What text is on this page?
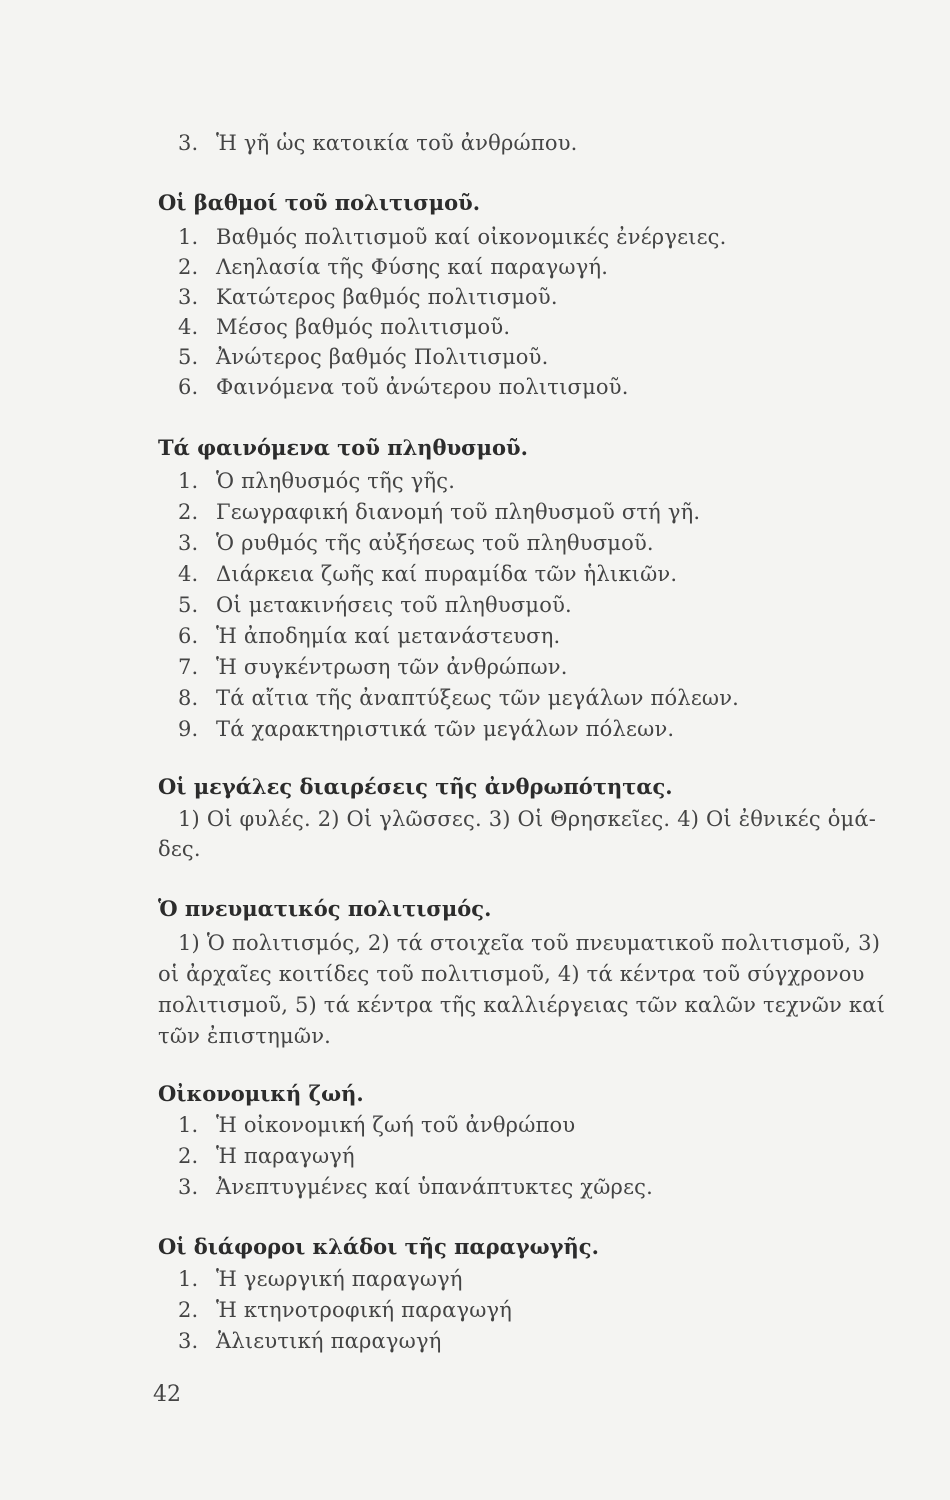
3. Ἡ γῆ ὡς κατοικία τοῦ ἀνθρώπου.
Οἱ βαθμοί τοῦ πολιτισμοῦ.
1. Βαθμός πολιτισμοῦ καί οἰκονομικές ἐνέργειες.
2. Λεηλασία τῆς Φύσης καί παραγωγή.
3. Κατώτερος βαθμός πολιτισμοῦ.
4. Μέσος βαθμός πολιτισμοῦ.
5. Ἀνώτερος βαθμός Πολιτισμοῦ.
6. Φαινόμενα τοῦ ἀνώτερου πολιτισμοῦ.
Τά φαινόμενα τοῦ πληθυσμοῦ.
1. Ὁ πληθυσμός τῆς γῆς.
2. Γεωγραφική διανομή τοῦ πληθυσμοῦ στή γῆ.
3. Ὁ ρυθμός τῆς αὐξήσεως τοῦ πληθυσμοῦ.
4. Διάρκεια ζωῆς καί πυραμίδα τῶν ἡλικιῶν.
5. Οἱ μετακινήσεις τοῦ πληθυσμοῦ.
6. Ἡ ἀποδημία καί μετανάστευση.
7. Ἡ συγκέντρωση τῶν ἀνθρώπων.
8. Τά αἴτια τῆς ἀναπτύξεως τῶν μεγάλων πόλεων.
9. Τά χαρακτηριστικά τῶν μεγάλων πόλεων.
Οἱ μεγάλες διαιρέσεις τῆς ἀνθρωπότητας.
1) Οἱ φυλές. 2) Οἱ γλῶσσες. 3) Οἱ Θρησκεῖες. 4) Οἱ ἐθνικές ὁμά-
δες.
Ὁ πνευματικός πολιτισμός.
1) Ὁ πολιτισμός, 2) τά στοιχεῖα τοῦ πνευματικοῦ πολιτισμοῦ, 3)
οἱ ἀρχαῖες κοιτίδες τοῦ πολιτισμοῦ, 4) τά κέντρα τοῦ σύγχρονου
πολιτισμοῦ, 5) τά κέντρα τῆς καλλιέργειας τῶν καλῶν τεχνῶν καί
τῶν ἐπιστημῶν.
Οἰκονομική ζωή.
1. Ἡ οἰκονομική ζωή τοῦ ἀνθρώπου
2. Ἡ παραγωγή
3. Ἀνεπτυγμένες καί ὑπανάπτυκτες χῶρες.
Οἱ διάφοροι κλάδοι τῆς παραγωγῆς.
1. Ἡ γεωργική παραγωγή
2. Ἡ κτηνοτροφική παραγωγή
3. Ἁλιευτική παραγωγή
42
